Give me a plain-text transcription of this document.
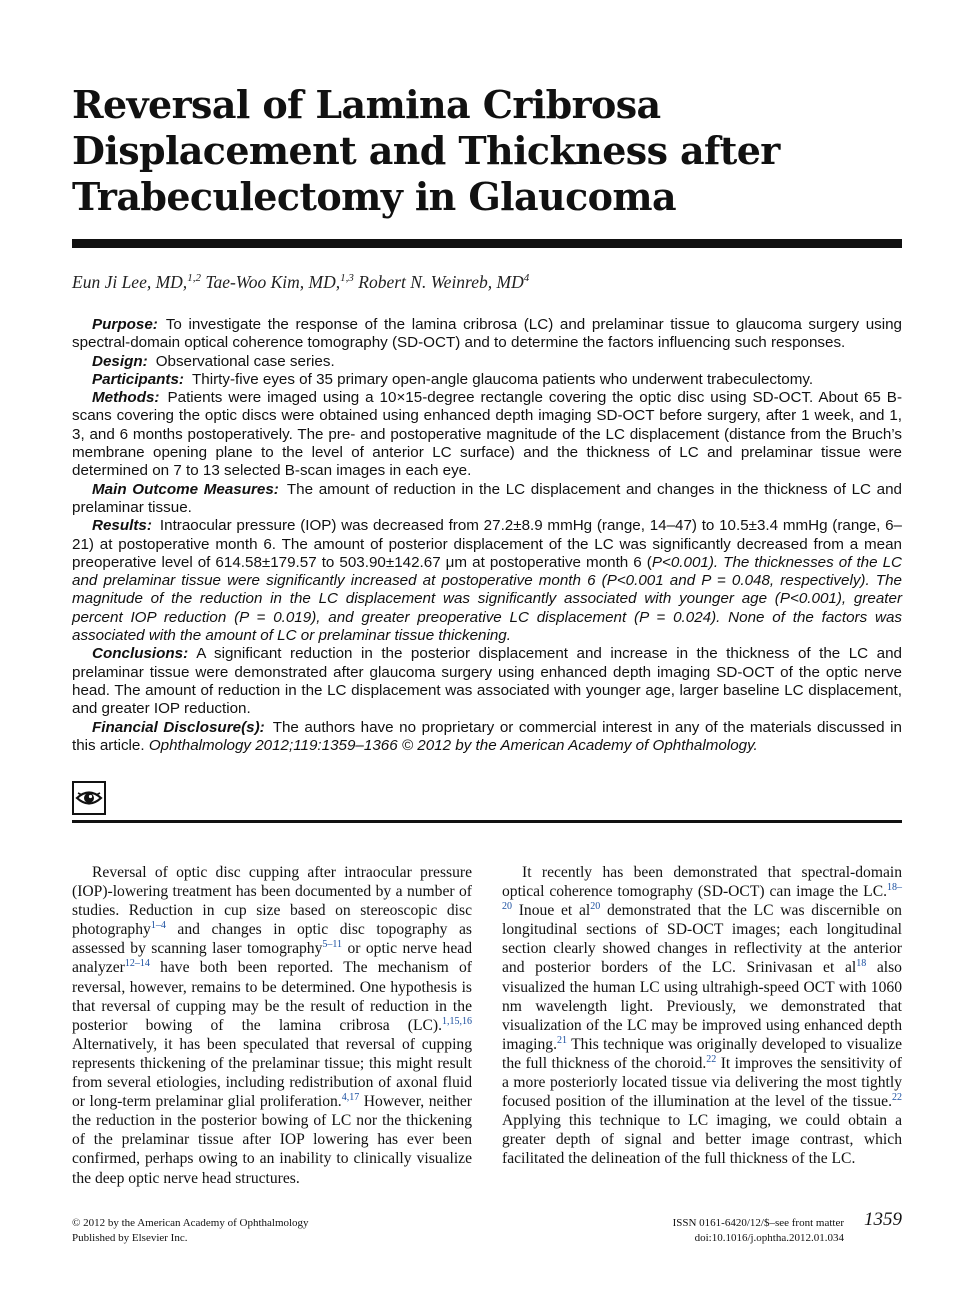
Reversal of Lamina Cribrosa Displacement and Thickness after Trabeculectomy in Glaucoma
Eun Ji Lee, MD,$^{1,2}$ Tae-Woo Kim, MD,$^{1,3}$ Robert N. Weinreb, $MD^4$

Purpose: To investigate the response of the lamina cribrosa (LC) and prelaminar tissue to glaucoma surgery using spectral-domain optical coherence tomography (SD-OCT) and to determine the factors influencing such responses.

Design: Observational case series.

Participants: Thirty-five eyes of 35 primary open-angle glaucoma patients who underwent trabeculectomy.

Methods: Patients were imaged using a 10×15-degree rectangle covering the optic disc using SD-OCT. About 65 B-scans covering the optic discs were obtained using enhanced depth imaging SD-OCT before surgery, after 1 week, and 1, 3, and 6 months postoperatively. The pre- and postoperative magnitude of the LC displacement (distance from the Bruch’s membrane opening plane to the level of anterior LC surface) and the thickness of LC and prelaminar tissue were determined on 7 to 13 selected B-scan images in each eye.

Main Outcome Measures: The amount of reduction in the LC displacement and changes in the thickness of LC and prelaminar tissue.

Results: Intraocular pressure (IOP) was decreased from 27.2±8.9 mmHg (range, 14–47) to 10.5±3.4 mmHg (range, 6–21) at postoperative month 6. The amount of posterior displacement of the LC was significantly decreased from a mean preoperative level of 614.58±179.57 to 503.90±142.67 μm at postoperative month 6 (P<0.001). The thicknesses of the LC and prelaminar tissue were significantly increased at postoperative month 6 (P<0.001 and P = 0.048, respectively). The magnitude of the reduction in the LC displacement was significantly associated with younger age (P<0.001), greater percent IOP reduction (P = 0.019), and greater preoperative LC displacement (P = 0.024). None of the factors was associated with the amount of LC or prelaminar tissue thickening.

Conclusions: A significant reduction in the posterior displacement and increase in the thickness of the LC and prelaminar tissue were demonstrated after glaucoma surgery using enhanced depth imaging SD-OCT of the optic nerve head. The amount of reduction in the LC displacement was associated with younger age, larger baseline LC displacement, and greater IOP reduction.

Financial Disclosure(s): The authors have no proprietary or commercial interest in any of the materials discussed in this article. Ophthalmology 2012;119:1359–1366 © 2012 by the American Academy of Ophthalmology.

Reversal of optic disc cupping after intraocular pressure (IOP)-lowering treatment has been documented by a number of studies. Reduction in cup size based on stereoscopic disc photography$^{1-4}$ and changes in optic disc topography as assessed by scanning laser tomography$^{5-11}$ or optic nerve head analyzer$^{12-14}$ have both been reported. The mechanism of reversal, however, remains to be determined. One hypothesis is that reversal of cupping may be the result of reduction in the posterior bowing of the lamina cribrosa (LC).$^{1,15,16}$ Alternatively, it has been speculated that reversal of cupping represents thickening of the prelaminar tissue; this might result from several etiologies, including redistribution of axonal fluid or long-term prelaminar glial proliferation.$^{4,17}$ However, neither the reduction in the posterior bowing of LC nor the thickening of the prelaminar tissue after IOP lowering has ever been confirmed, perhaps owing to an inability to clinically visualize the deep optic nerve head structures.

It recently has been demonstrated that spectral-domain optical coherence tomography (SD-OCT) can image the LC.$^{18-20}$ Inoue et $al^{20}$ demonstrated that the LC was discernible on longitudinal sections of SD-OCT images; each longitudinal section clearly showed changes in reflectivity at the anterior and posterior borders of the LC. Srinivasan et $al^{18}$ also visualized the human LC using ultrahigh-speed OCT with 1060 nm wavelength light. Previously, we demonstrated that visualization of the LC may be improved using enhanced depth imaging.$^{21}$ This technique was originally developed to visualize the full thickness of the choroid.$^{22}$ It improves the sensitivity of a more posteriorly located tissue via delivering the most tightly focused position of the illumination at the level of the tissue.$^{22}$ Applying this technique to LC imaging, we could obtain a greater depth of signal and better image contrast, which facilitated the delineation of the full thickness of the LC.

© 2012 by the American Academy of Ophthalmology
Published by Elsevier Inc.
ISSN 0161-6420/12/$–see front matter
doi:10.1016/j.ophtha.2012.01.034
1359
